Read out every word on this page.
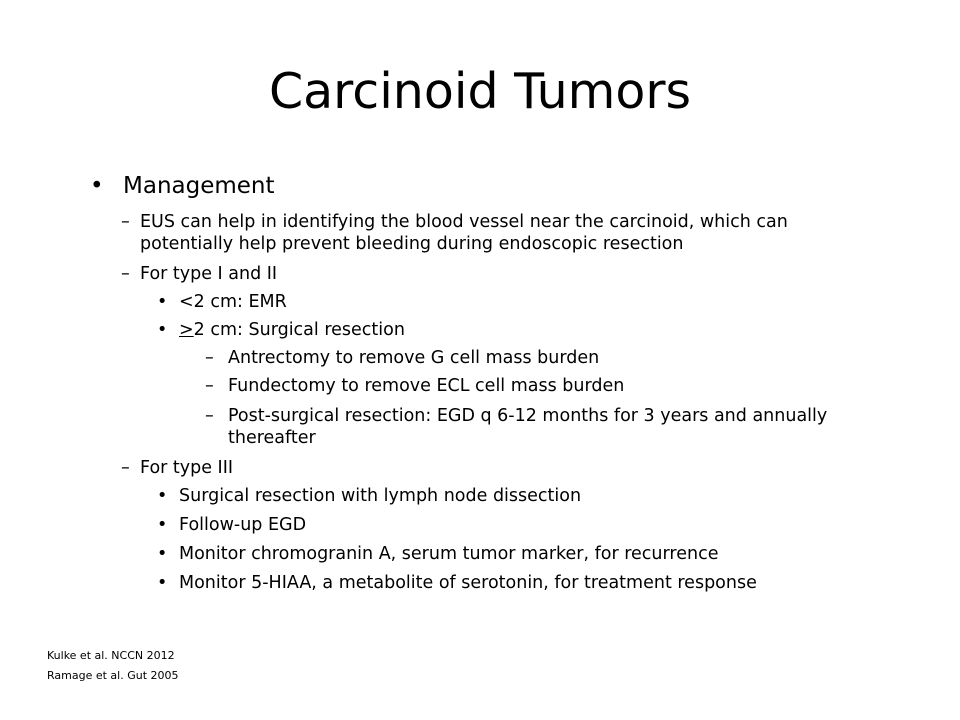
Carcinoid Tumors
• Management
– EUS can help in identifying the blood vessel near the carcinoid, which can
potentially help prevent bleeding during endoscopic resection
– For type I and II
• <2 cm: EMR
• >2 cm: Surgical resection
– Antrectomy to remove G cell mass burden
– Fundectomy to remove ECL cell mass burden
– Post-surgical resection: EGD q 6-12 months for 3 years and annually
thereafter
– For type III
• Surgical resection with lymph node dissection
• Follow-up EGD
• Monitor chromogranin A, serum tumor marker, for recurrence
• Monitor 5-HIAA, a metabolite of serotonin, for treatment response
Kulke et al. NCCN 2012
Ramage et al. Gut 2005
